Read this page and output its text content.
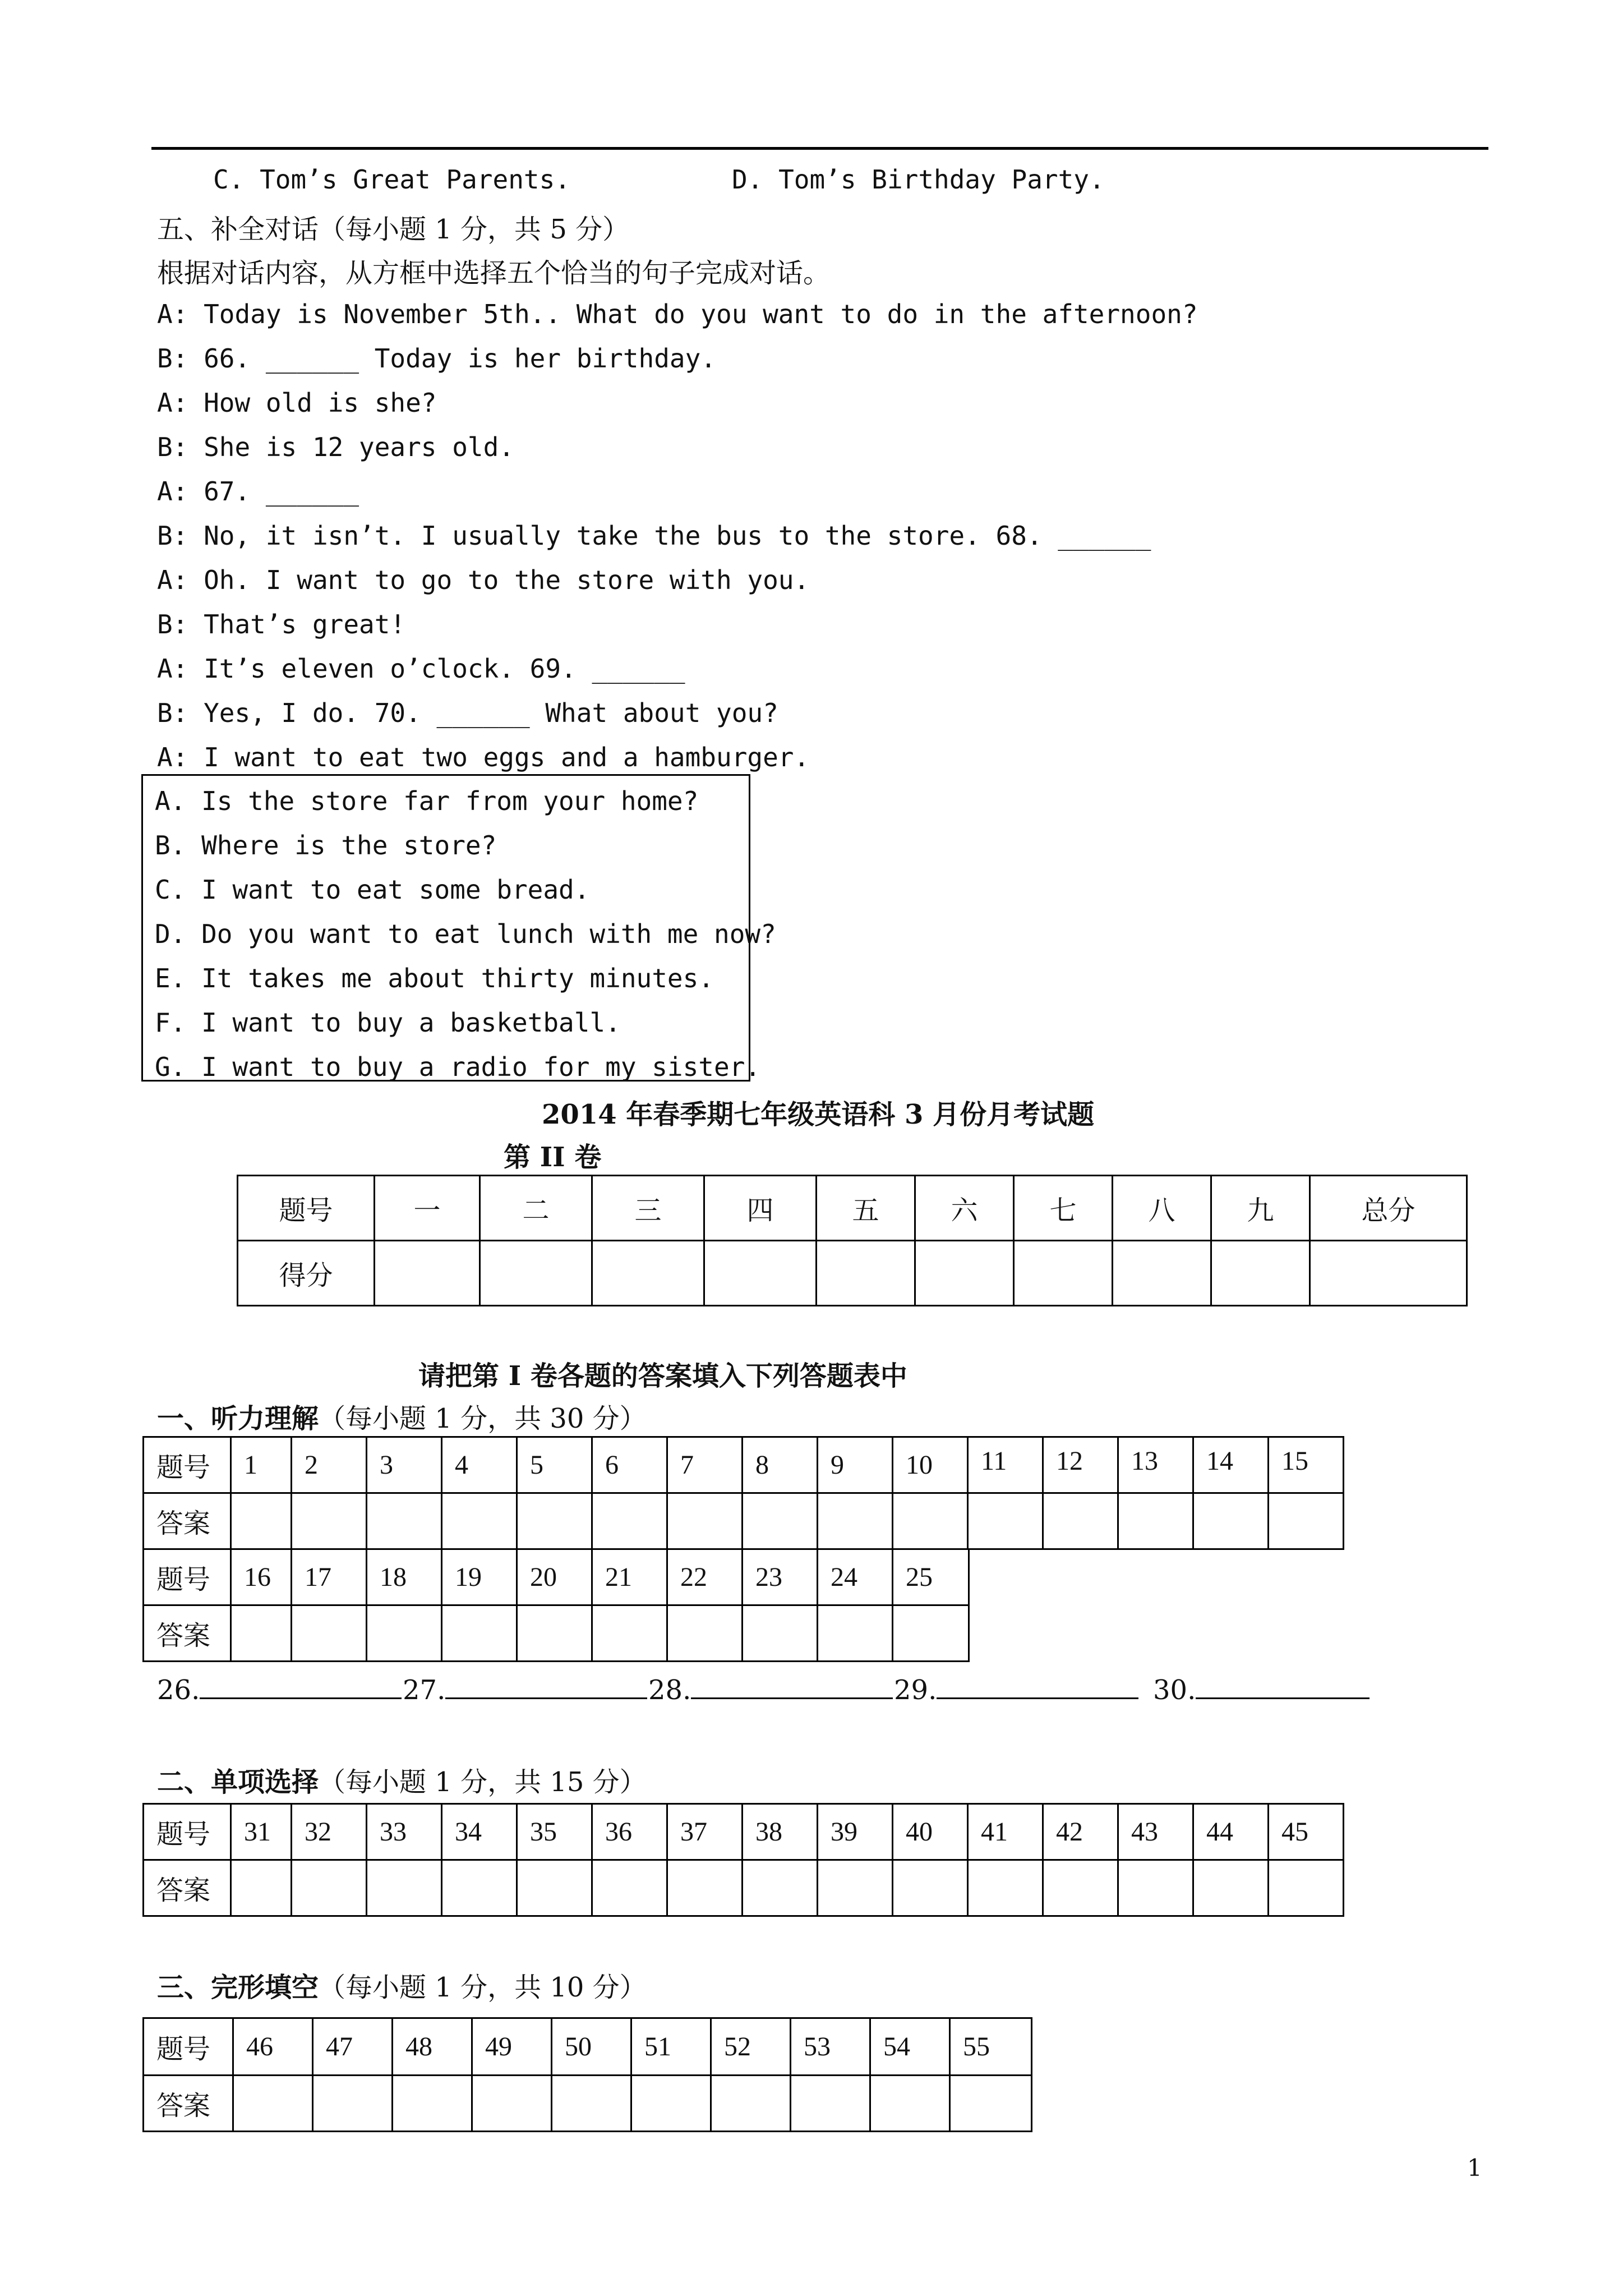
C. Tom’s Great Parents.	D. Tom’s Birthday Party.
五、补全对话（每小题 1 分，共 5 分）
根据对话内容，从方框中选择五个恰当的句子完成对话。
A: Today is November 5th.. What do you want to do in the afternoon?
B: 66. ______ Today is her birthday.
A: How old is she?
B: She is 12 years old.
A: 67. ______
B: No, it isn’t. I usually take the bus to the store. 68. ______
A: Oh. I want to go to the store with you.
B: That’s great!
A: It’s eleven o’clock. 69. ______
B: Yes, I do. 70. ______ What about you?
A: I want to eat two eggs and a hamburger.
A. Is the store far from your home?
B. Where is the store?
C. I want to eat some bread.
D. Do you want to eat lunch with me now?
E. It takes me about thirty minutes.
F. I want to buy a basketball.
G. I want to buy a radio for my sister.
2014 年春季期七年级英语科 3 月份月考试题
第 II 卷
题号	一	二	三	四	五	六	七	八	九	总分
得分										
请把第 I 卷各题的答案填入下列答题表中
一、听力理解（每小题 1 分，共 30 分）
题号	1	2	3	4	5	6	7	8	9	10	11	12	13	14	15
答案															
题号	16	17	18	19	20	21	22	23	24	25
答案										
26.	27.	28.	29.	30.
二、单项选择（每小题 1 分，共 15 分）
题号	31	32	33	34	35	36	37	38	39	40	41	42	43	44	45
答案															
三、完形填空（每小题 1 分，共 10 分）
题号	46	47	48	49	50	51	52	53	54	55
答案										
1
